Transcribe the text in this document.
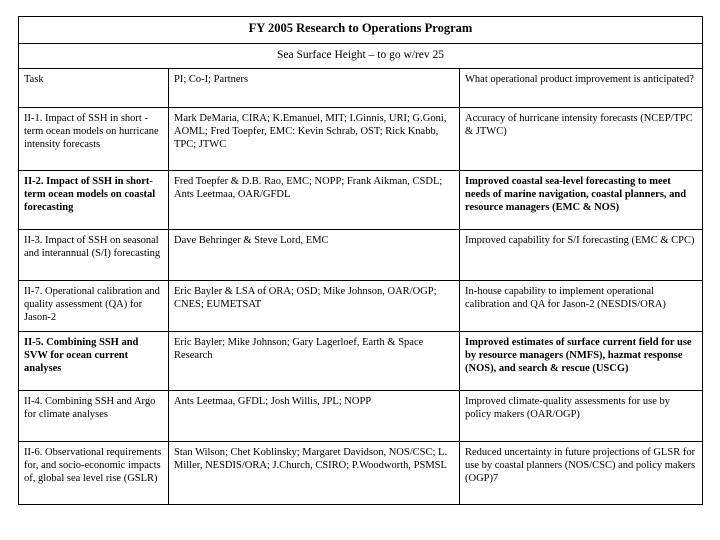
FY 2005 Research to Operations Program		
Sea Surface Height – to go w/rev 25		
Task	PI; Co-I; Partners	What operational product improvement is anticipated?
II-1. Impact of SSH in short -term ocean models on hurricane intensity forecasts	Mark DeMaria, CIRA; K.Emanuel, MIT; I.Ginnis, URI; G.Goni, AOML; Fred Toepfer, EMC: Kevin Schrab, OST; Rick Knabb, TPC; JTWC	Accuracy of hurricane intensity forecasts (NCEP/TPC & JTWC)
II-2. Impact of SSH in short-term ocean models on coastal forecasting	Fred Toepfer & D.B. Rao, EMC; NOPP; Frank Aikman, CSDL; Ants Leetmaa, OAR/GFDL	Improved coastal sea-level forecasting to meet needs of marine navigation, coastal planners, and resource managers (EMC & NOS)
II-3. Impact of SSH on seasonal and interannual (S/I) forecasting	Dave Behringer & Steve Lord, EMC	Improved capability for S/I forecasting (EMC & CPC)
II-7. Operational calibration and quality assessment (QA) for Jason-2	Eric Bayler & LSA of ORA; OSD; Mike Johnson, OAR/OGP; CNES; EUMETSAT	In-house capability to implement operational calibration and QA for Jason-2 (NESDIS/ORA)
II-5. Combining SSH and SVW for ocean current analyses	Eric Bayler; Mike Johnson; Gary Lagerloef, Earth & Space Research	Improved estimates of surface current field for use by resource managers (NMFS), hazmat response (NOS), and search & rescue (USCG)
II-4. Combining SSH and Argo for climate analyses	Ants Leetmaa, GFDL; Josh Willis, JPL; NOPP	Improved climate-quality assessments for use by policy makers (OAR/OGP)
II-6. Observational requirements for, and socio-economic impacts of, global sea level rise (GSLR)	Stan Wilson; Chet Koblinsky; Margaret Davidson, NOS/CSC; L. Miller, NESDIS/ORA; J.Church, CSIRO; P.Woodworth, PSMSL	Reduced uncertainty in future projections of GLSR for use by coastal planners (NOS/CSC) and policy makers (OGP)7
